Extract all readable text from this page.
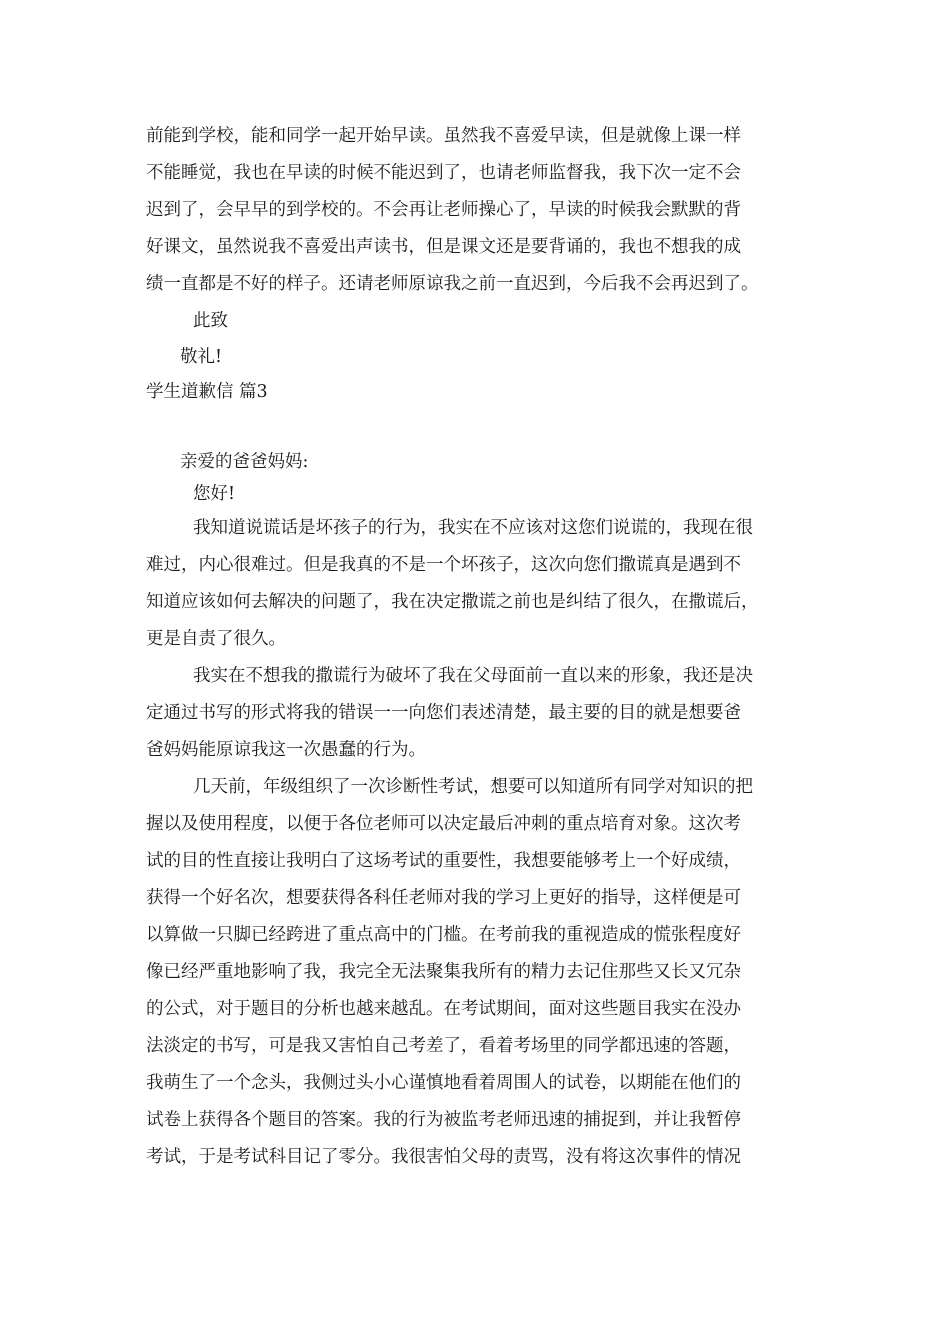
前能到学校，能和同学一起开始早读。虽然我不喜爱早读，但是就像上课一样
不能睡觉，我也在早读的时候不能迟到了，也请老师监督我，我下次一定不会
迟到了，会早早的到学校的。不会再让老师操心了，早读的时候我会默默的背
好课文，虽然说我不喜爱出声读书，但是课文还是要背诵的，我也不想我的成
绩一直都是不好的样子。还请老师原谅我之前一直迟到，今后我不会再迟到了。
此致
敬礼!
学生道歉信 篇3
亲爱的爸爸妈妈:
您好!
我知道说谎话是坏孩子的行为，我实在不应该对这您们说谎的，我现在很
难过，内心很难过。但是我真的不是一个坏孩子，这次向您们撒谎真是遇到不
知道应该如何去解决的问题了，我在决定撒谎之前也是纠结了很久，在撒谎后，
更是自责了很久。
我实在不想我的撒谎行为破坏了我在父母面前一直以来的形象，我还是决
定通过书写的形式将我的错误一一向您们表述清楚，最主要的目的就是想要爸
爸妈妈能原谅我这一次愚蠢的行为。
几天前，年级组织了一次诊断性考试，想要可以知道所有同学对知识的把
握以及使用程度，以便于各位老师可以决定最后冲刺的重点培育对象。这次考
试的目的性直接让我明白了这场考试的重要性，我想要能够考上一个好成绩，
获得一个好名次，想要获得各科任老师对我的学习上更好的指导，这样便是可
以算做一只脚已经跨进了重点高中的门槛。在考前我的重视造成的慌张程度好
像已经严重地影响了我，我完全无法聚集我所有的精力去记住那些又长又冗杂
的公式，对于题目的分析也越来越乱。在考试期间，面对这些题目我实在没办
法淡定的书写，可是我又害怕自己考差了，看着考场里的同学都迅速的答题，
我萌生了一个念头，我侧过头小心谨慎地看着周围人的试卷，以期能在他们的
试卷上获得各个题目的答案。我的行为被监考老师迅速的捕捉到，并让我暂停
考试，于是考试科目记了零分。我很害怕父母的责骂，没有将这次事件的情况
